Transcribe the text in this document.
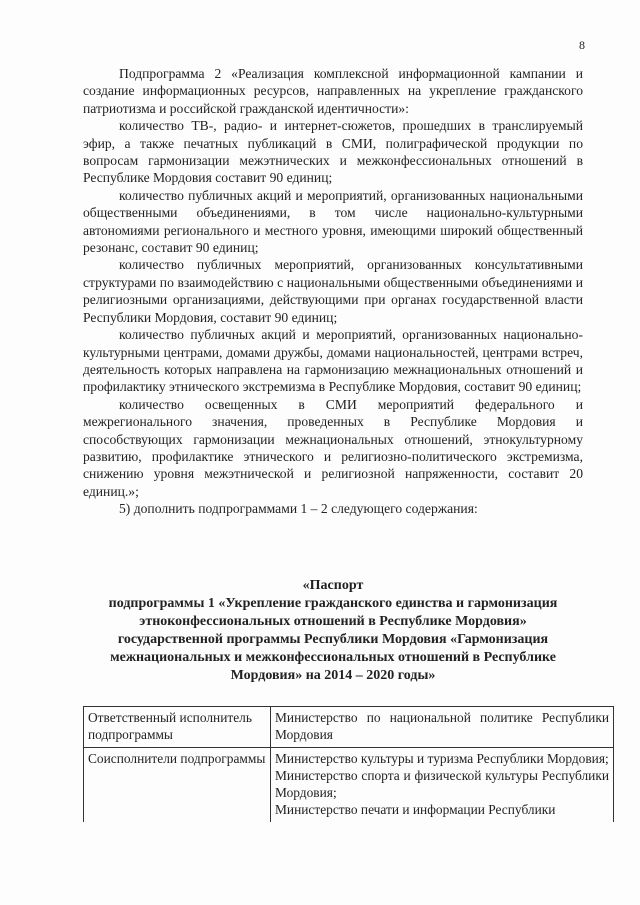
8

Подпрограмма 2 «Реализация комплексной информационной кампании и создание информационных ресурсов, направленных на укрепление гражданского патриотизма и российской гражданской идентичности»:

количество ТВ-, радио- и интернет-сюжетов, прошедших в транслируемый эфир, а также печатных публикаций в СМИ, полиграфической продукции по вопросам гармонизации межэтнических и межконфессиональных отношений в Республике Мордовия составит 90 единиц;

количество публичных акций и мероприятий, организованных национальными общественными объединениями, в том числе национально-культурными автономиями регионального и местного уровня, имеющими широкий общественный резонанс, составит 90 единиц;

количество публичных мероприятий, организованных консультативными структурами по взаимодействию с национальными общественными объединениями и религиозными организациями, действующими при органах государственной власти Республики Мордовия, составит 90 единиц;

количество публичных акций и мероприятий, организованных национально-культурными центрами, домами дружбы, домами национальностей, центрами встреч, деятельность которых направлена на гармонизацию межнациональных отношений и профилактику этнического экстремизма в Республике Мордовия, составит 90 единиц;

количество освещенных в СМИ мероприятий федерального и межрегионального значения, проведенных в Республике Мордовия и способствующих гармонизации межнациональных отношений, этнокультурному развитию, профилактике этнического и религиозно-политического экстремизма, снижению уровня межэтнической и религиозной напряженности, составит 20 единиц.»;

5) дополнить подпрограммами 1 – 2 следующего содержания:

«Паспорт
подпрограммы 1 «Укрепление гражданского единства и гармонизация
этноконфессиональных отношений в Республике Мордовия»
государственной программы Республики Мордовия «Гармонизация
межнациональных и межконфессиональных отношений в Республике
Мордовия» на 2014 – 2020 годы»
Ответственный исполнитель подпрограммы	Министерство по национальной политике Республики Мордовия

Соисполнители подпрограммы	Министерство культуры и туризма Республики Мордовия;
Министерство спорта и физической культуры Республики Мордовия;
Министерство печати и информации Республики
